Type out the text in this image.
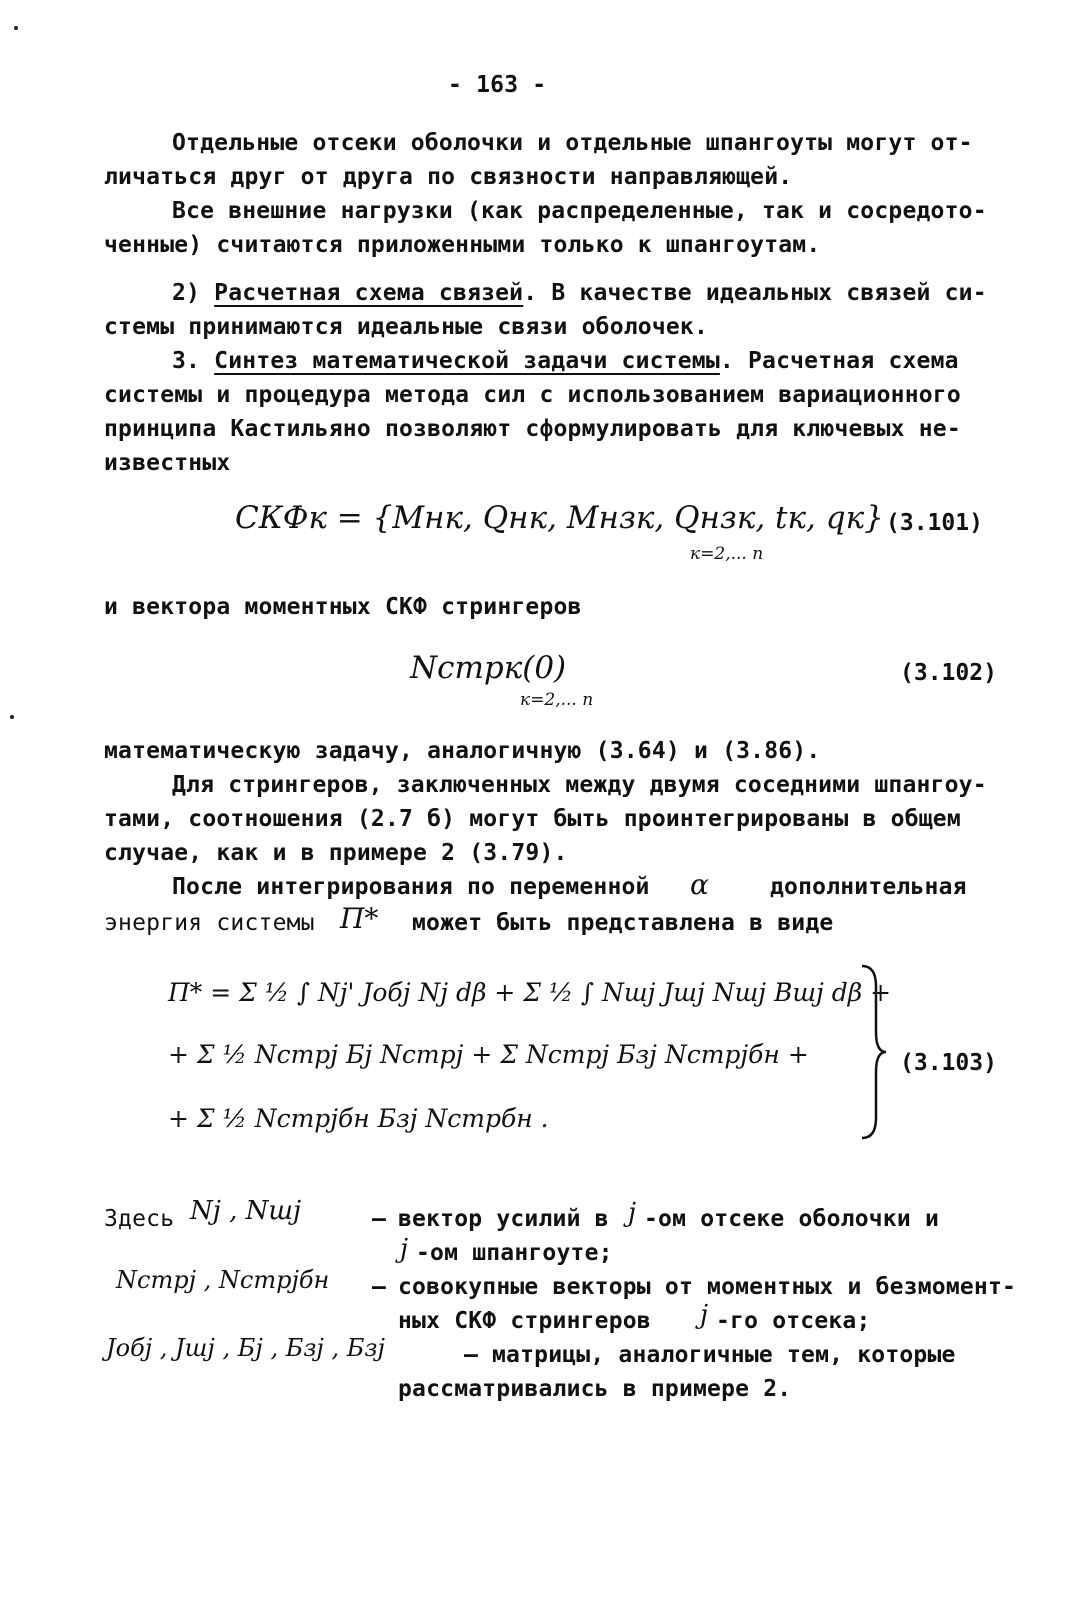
- 163 -
Отдельные отсеки оболочки и отдельные шпангоуты могут от-
личаться друг от друга по связности направляющей.
Все внешние нагрузки (как распределенные, так и сосредото-
ченные) считаются приложенными только к шпангоутам.
2) Расчетная схема связей. В качестве идеальных связей си-
стемы принимаются идеальные связи оболочек.
3. Синтез математической задачи системы. Расчетная схема
системы и процедура метода сил с использованием вариационного
принципа Кастильяно позволяют сформулировать для ключевых не-
известных
СКФк = {Mнк, Qнк, Mнзк, Qнзк, tк, qк}
к=2,... n
(3.101)
и вектора моментных СКФ стрингеров
Nстрк(0)
к=2,... n
(3.102)
математическую задачу, аналогичную (3.64) и (3.86).
Для стрингеров, заключенных между двумя соседними шпангоу-
тами, соотношения (2.7 б) могут быть проинтегрированы в общем
случае, как и в примере 2 (3.79).
После интегрирования по переменной α	дополнительная
энергия системы П* может быть представлена в виде
П* = Σ ½ ∫ Nj' Jобj Nj dβ + Σ ½ ∫ Nшj Jшj Nшj Вшj dβ +
+ Σ ½ Nстрj Бj Nстрj + Σ Nстрj Бзj Nстрjбн +
+ Σ ½ Nстрjбн Бзj Nстрбн .
(3.103)
Здесь Nj , Nшj	– вектор усилий в j -ом отсеке оболочки и
j -ом шпангоуте;
Nстрj , Nстрjбн – совокупные векторы от моментных и безмомент-
ных СКФ стрингеров j -го отсека;
Jобj , Jшj , Бj , Бзj , Бзj	– матрицы, аналогичные тем, которые
рассматривались в примере 2.
